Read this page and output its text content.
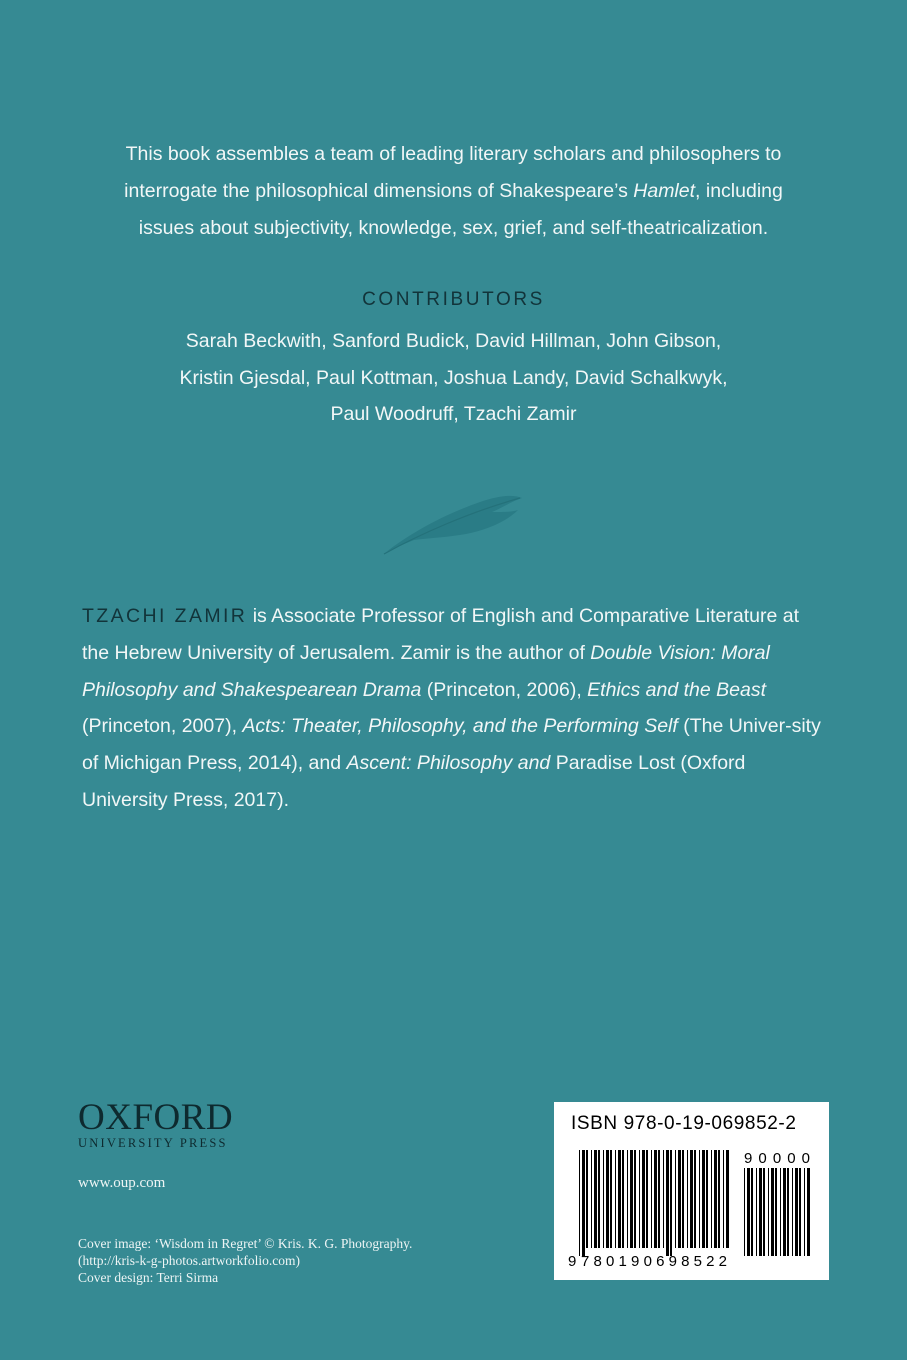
This book assembles a team of leading literary scholars and philosophers to
interrogate the philosophical dimensions of Shakespeare’s Hamlet, including
issues about subjectivity, knowledge, sex, grief, and self-theatricalization.
CONTRIBUTORS
Sarah Beckwith, Sanford Budick, David Hillman, John Gibson,
Kristin Gjesdal, Paul Kottman, Joshua Landy, David Schalkwyk,
Paul Woodruff, Tzachi Zamir
TZACHI ZAMIR is Associate Professor of English and Comparative Literature at the Hebrew University of Jerusalem. Zamir is the author of Double Vision: Moral Philosophy and Shakespearean Drama (Princeton, 2006), Ethics and the Beast (Princeton, 2007), Acts: Theater, Philosophy, and the Performing Self (The Univer-sity of Michigan Press, 2014), and Ascent: Philosophy and Paradise Lost (Oxford University Press, 2017).
OXFORD
UNIVERSITY PRESS
www.oup.com
Cover image: ‘Wisdom in Regret’ © Kris. K. G. Photography.
(http://kris-k-g-photos.artworkfolio.com)
Cover design: Terri Sirma
ISBN 978-0-19-069852-2
9 780190698522
90000
